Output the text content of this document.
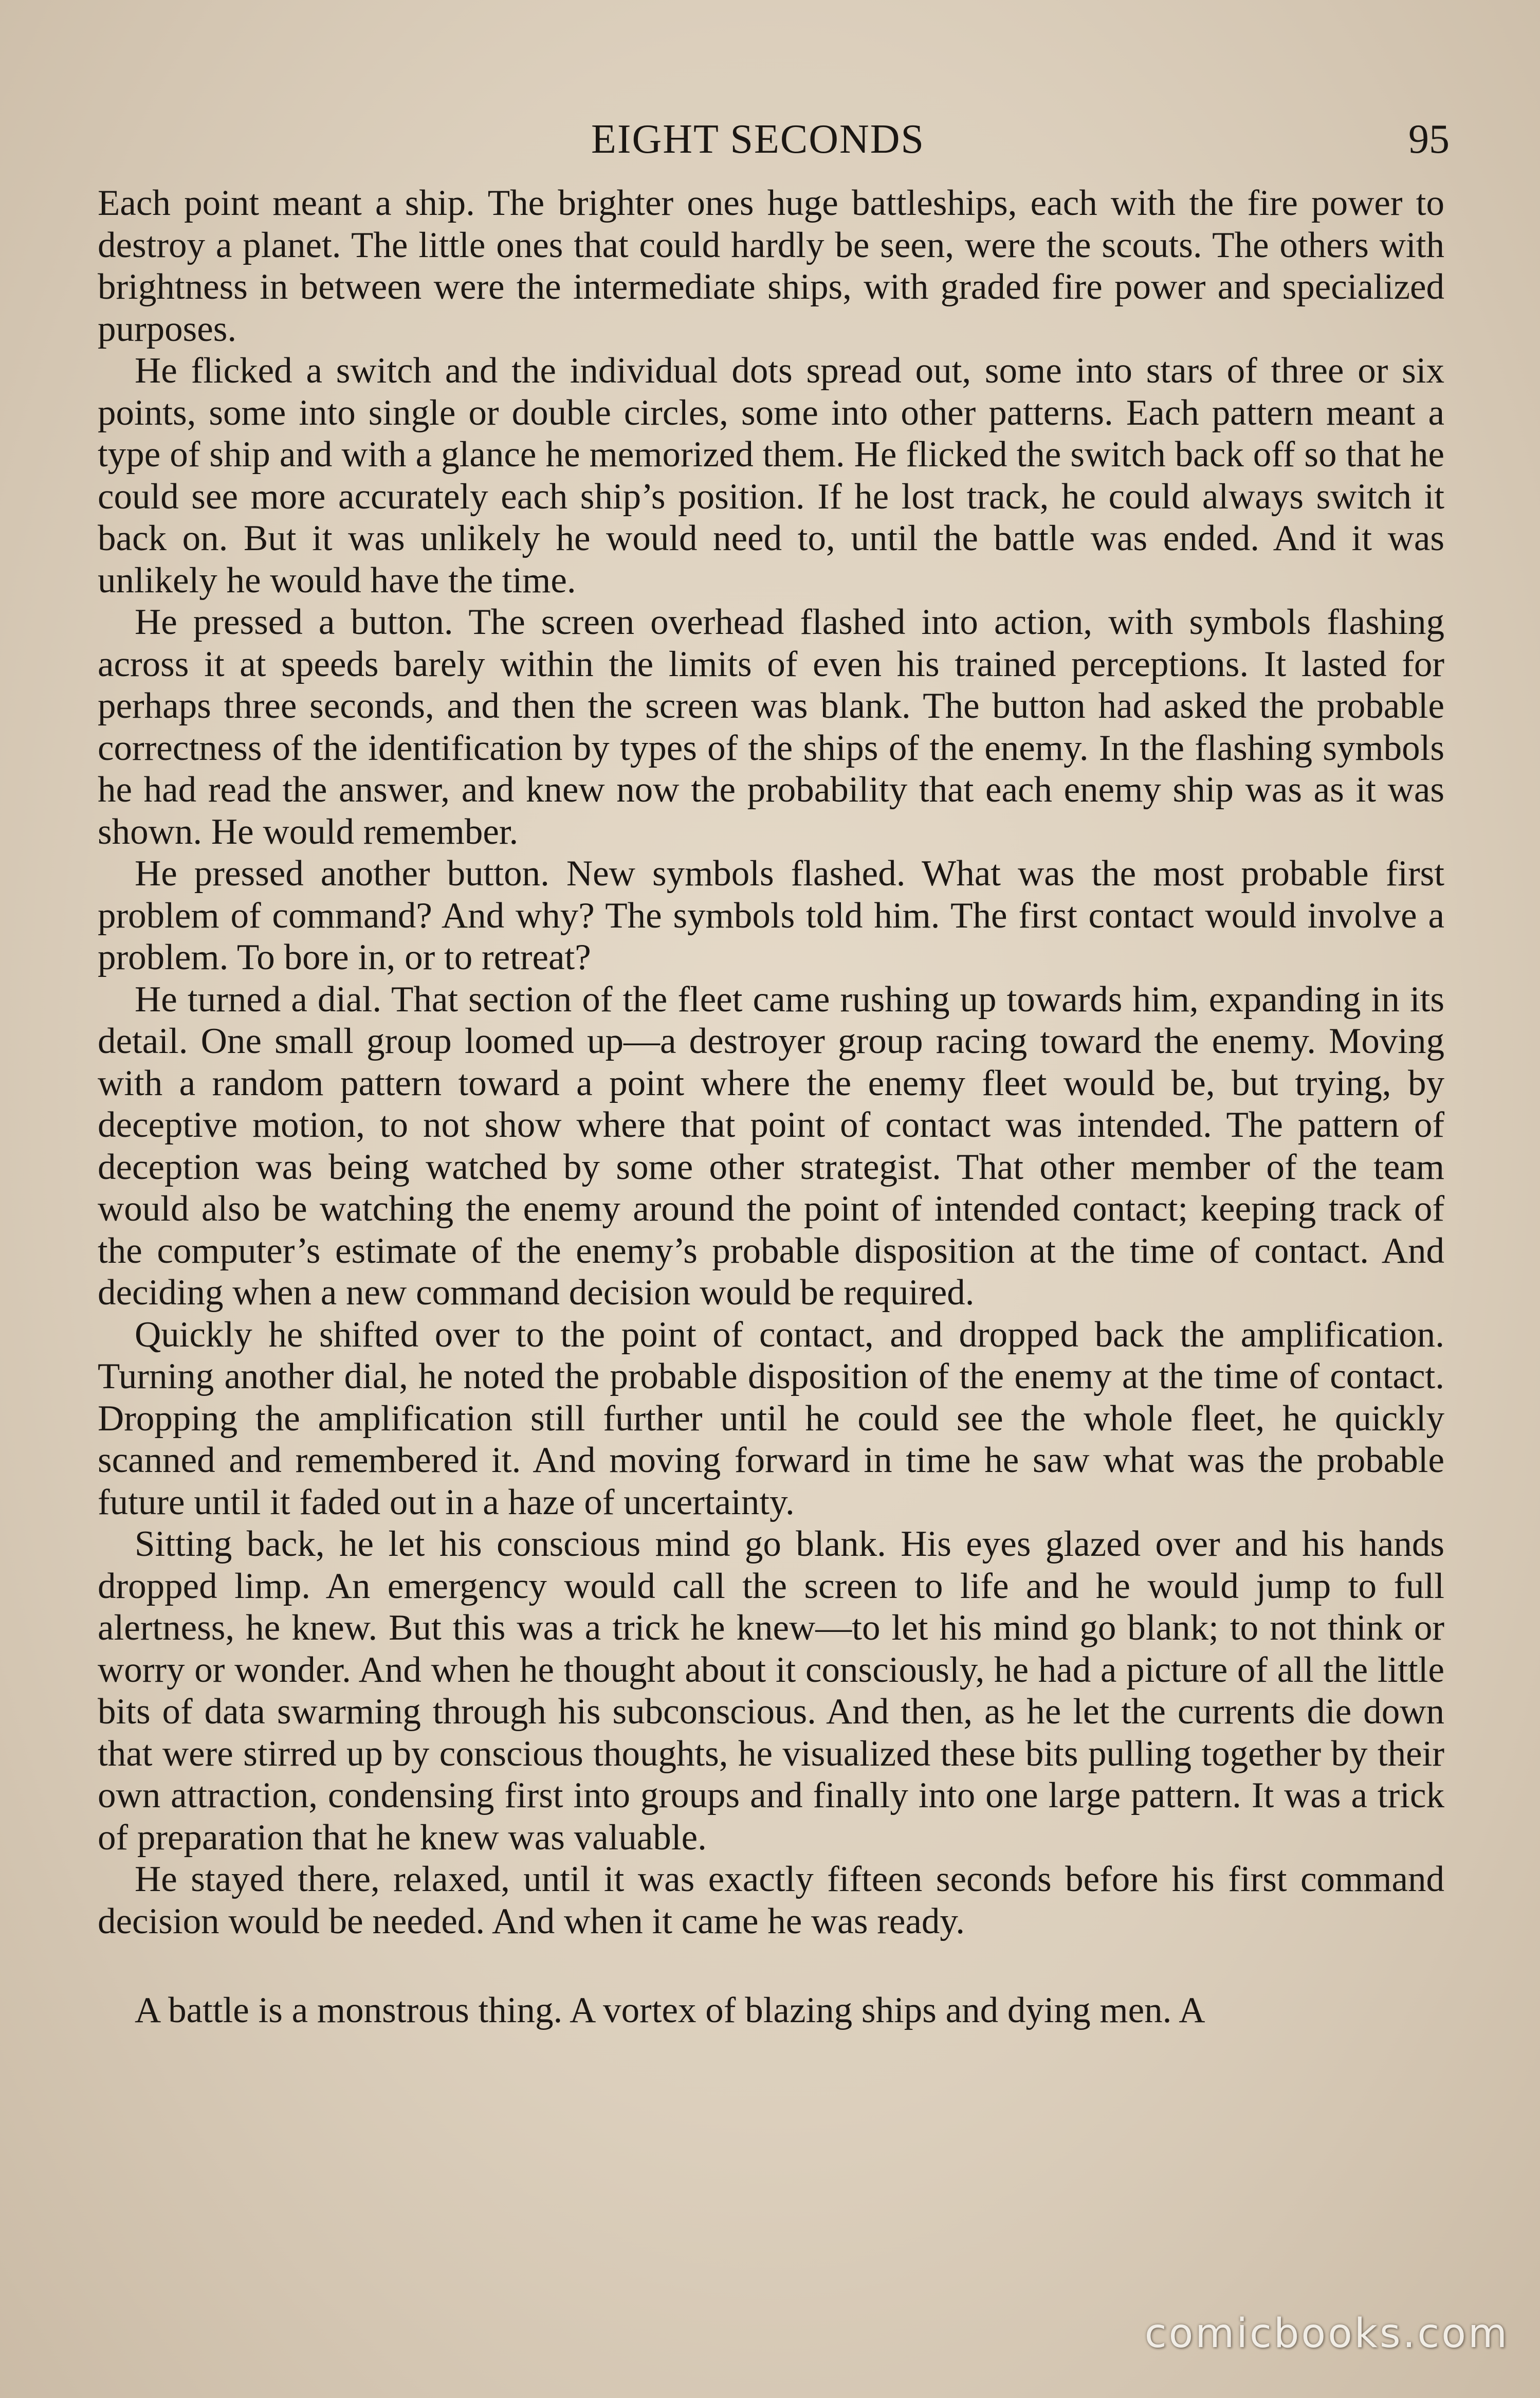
EIGHT SECONDS	95

Each point meant a ship. The brighter ones huge battleships, each with the fire power to destroy a planet. The little ones that could hardly be seen, were the scouts. The others with brightness in between were the intermediate ships, with graded fire power and specialized purposes.

He flicked a switch and the individual dots spread out, some into stars of three or six points, some into single or double circles, some into other patterns. Each pattern meant a type of ship and with a glance he memorized them. He flicked the switch back off so that he could see more accurately each ship’s position. If he lost track, he could always switch it back on. But it was unlikely he would need to, until the battle was ended. And it was unlikely he would have the time.

He pressed a button. The screen overhead flashed into action, with symbols flashing across it at speeds barely within the limits of even his trained perceptions. It lasted for perhaps three seconds, and then the screen was blank. The button had asked the probable correctness of the identification by types of the ships of the enemy. In the flashing symbols he had read the answer, and knew now the probability that each enemy ship was as it was shown. He would remember.

He pressed another button. New symbols flashed. What was the most probable first problem of command? And why? The symbols told him. The first contact would involve a problem. To bore in, or to retreat?

He turned a dial. That section of the fleet came rushing up towards him, expanding in its detail. One small group loomed up—a destroyer group racing toward the enemy. Moving with a random pattern toward a point where the enemy fleet would be, but trying, by deceptive motion, to not show where that point of contact was intended. The pattern of deception was being watched by some other strategist. That other member of the team would also be watching the enemy around the point of intended contact; keeping track of the computer’s estimate of the enemy’s probable disposition at the time of contact. And deciding when a new command decision would be required.

Quickly he shifted over to the point of contact, and dropped back the amplification. Turning another dial, he noted the probable disposition of the enemy at the time of contact. Dropping the amplification still further until he could see the whole fleet, he quickly scanned and remembered it. And moving forward in time he saw what was the probable future until it faded out in a haze of uncertainty.

Sitting back, he let his conscious mind go blank. His eyes glazed over and his hands dropped limp. An emergency would call the screen to life and he would jump to full alertness, he knew. But this was a trick he knew—to let his mind go blank; to not think or worry or wonder. And when he thought about it consciously, he had a picture of all the little bits of data swarming through his subconscious. And then, as he let the currents die down that were stirred up by conscious thoughts, he visualized these bits pulling together by their own attraction, condensing first into groups and finally into one large pattern. It was a trick of preparation that he knew was valuable.

He stayed there, relaxed, until it was exactly fifteen seconds before his first command decision would be needed. And when it came he was ready.

A battle is a monstrous thing. A vortex of blazing ships and dying men. A

comicbooks.com
